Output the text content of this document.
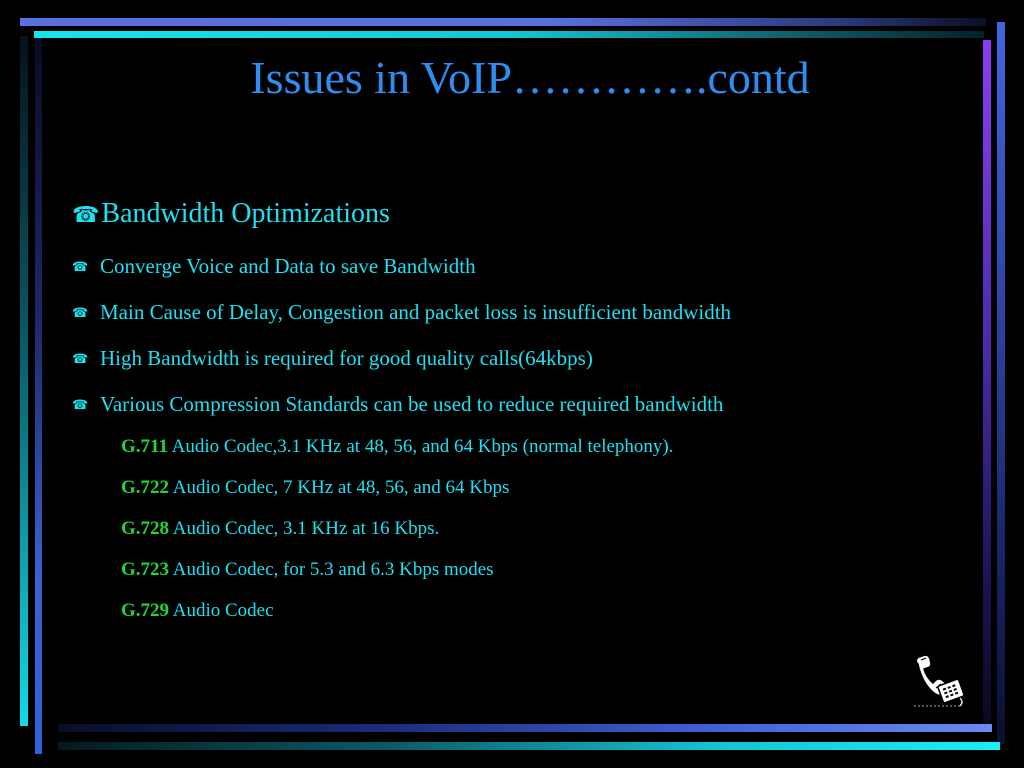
Issues in VoIP………….contd
☎Bandwidth Optimizations
☎ Converge Voice and Data to save Bandwidth
☎ Main Cause of Delay, Congestion and packet loss is insufficient bandwidth
☎ High Bandwidth is required for good quality calls(64kbps)
☎ Various Compression Standards can be used to reduce required bandwidth
G.711 Audio Codec,3.1 KHz at 48, 56, and 64 Kbps (normal telephony).
G.722 Audio Codec, 7 KHz at 48, 56, and 64 Kbps
G.728 Audio Codec, 3.1 KHz at 16 Kbps.
G.723 Audio Codec, for 5.3 and 6.3 Kbps modes
G.729 Audio Codec
